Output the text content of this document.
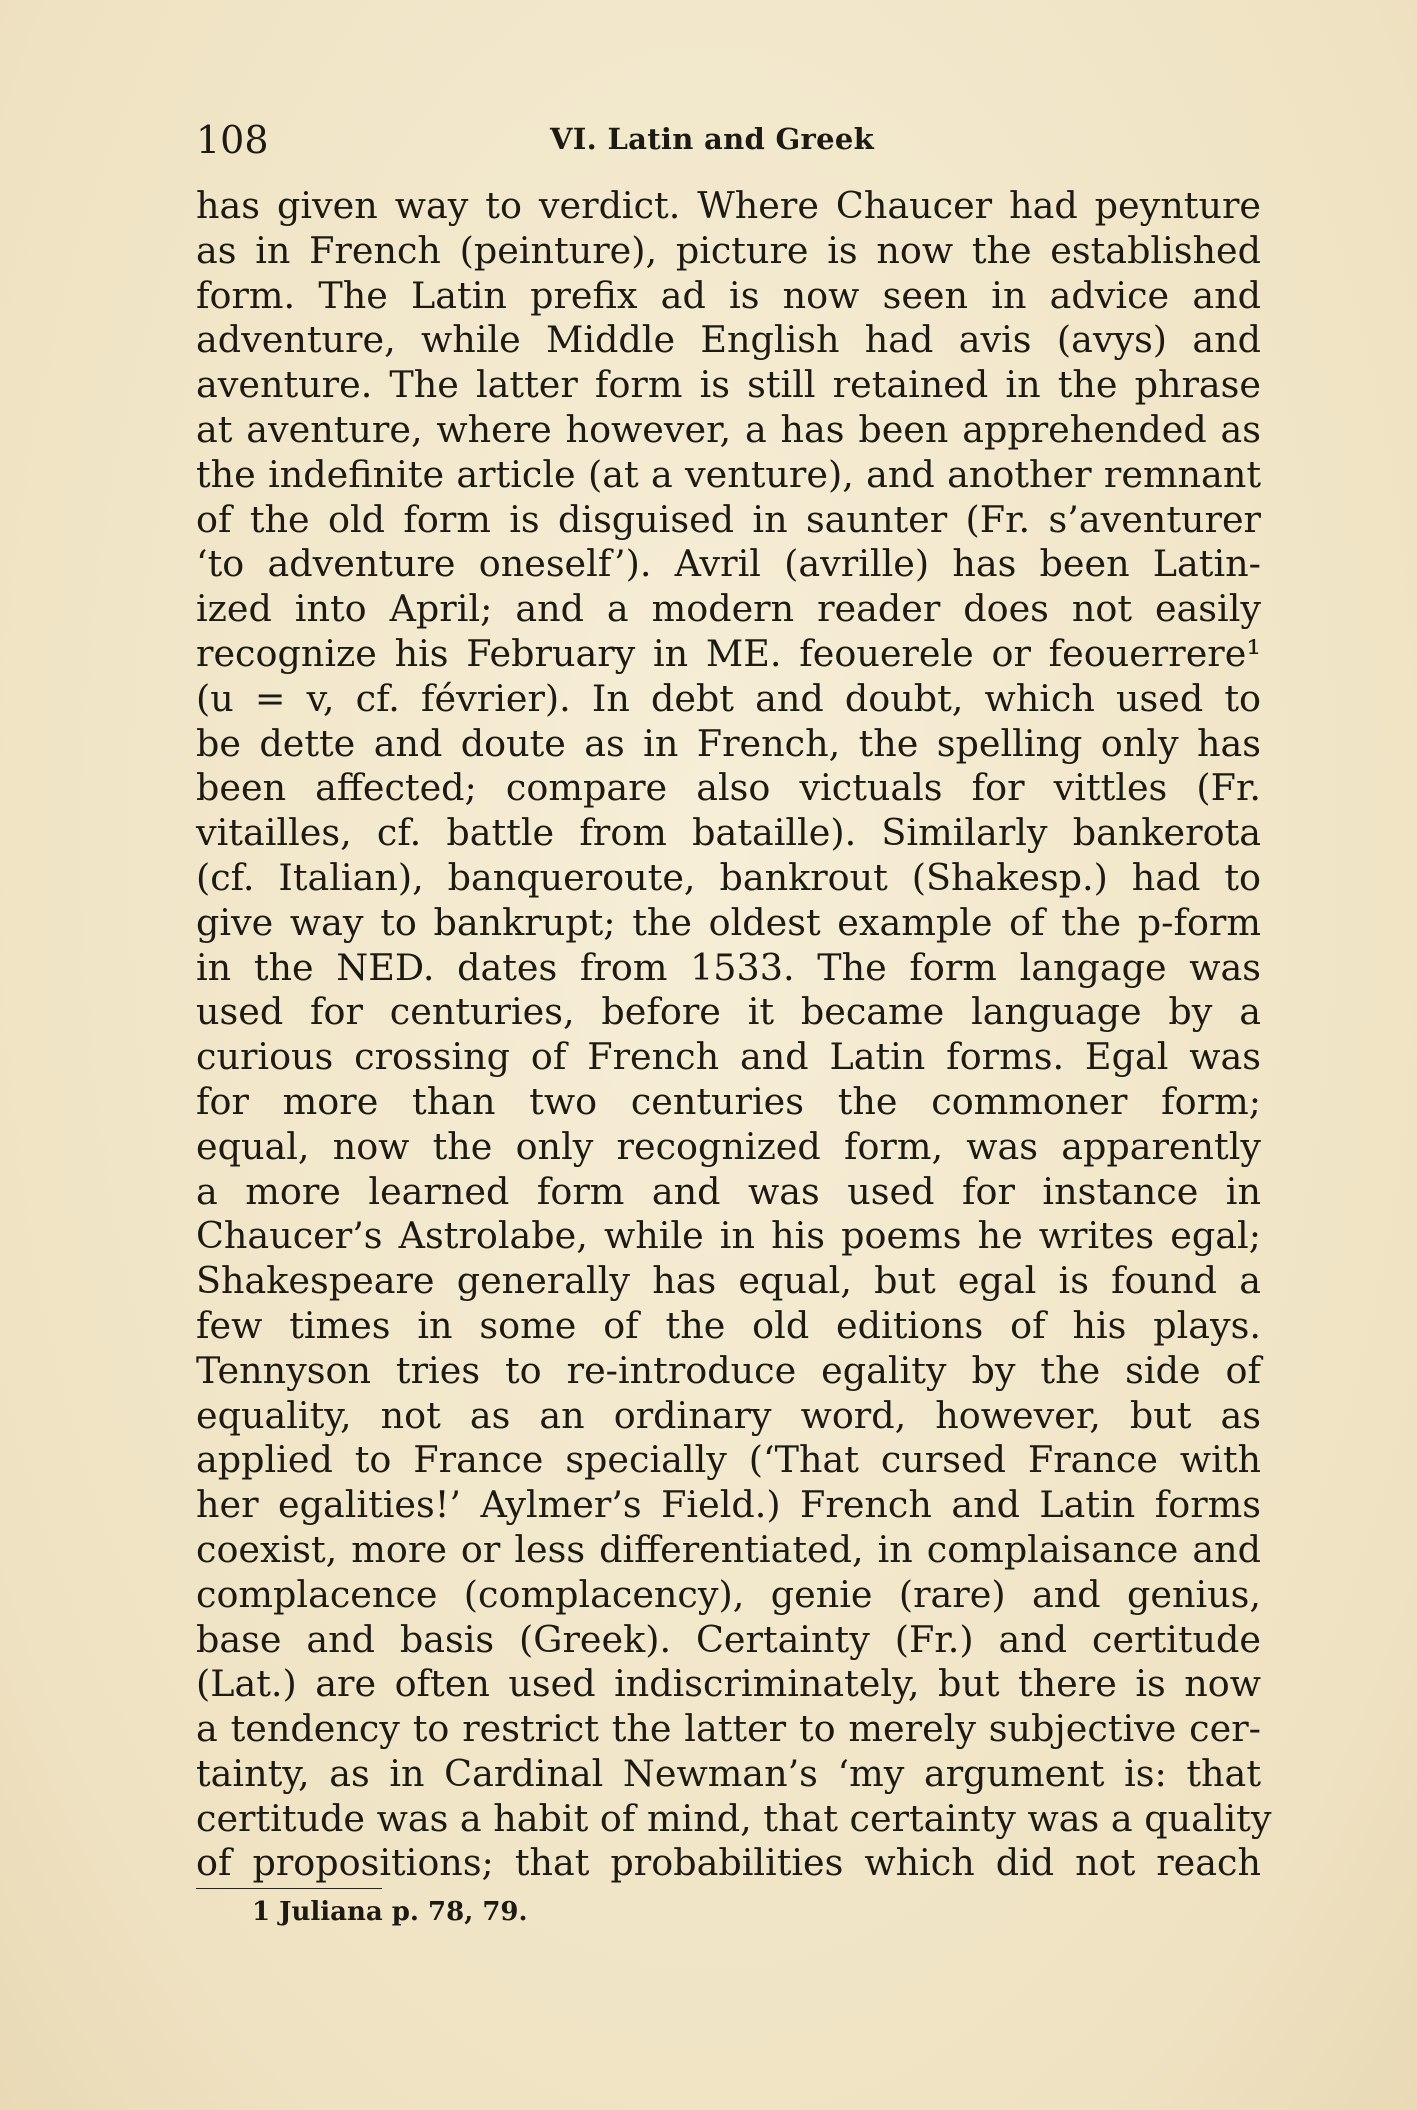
108	VI. Latin and Greek
has given way to verdict. Where Chaucer had peynture
as in French (peinture), picture is now the established
form. The Latin prefix ad is now seen in advice and
adventure, while Middle English had avis (avys) and
aventure. The latter form is still retained in the phrase
at aventure, where however, a has been apprehended as
the indefinite article (at a venture), and another remnant
of the old form is disguised in saunter (Fr. s’aventurer
‘to adventure oneself’). Avril (avrille) has been Latin-
ized into April; and a modern reader does not easily
recognize his February in ME. feouerele or feouerrere¹
(u = v, cf. février). In debt and doubt, which used to
be dette and doute as in French, the spelling only has
been affected; compare also victuals for vittles (Fr.
vitailles, cf. battle from bataille). Similarly bankerota
(cf. Italian), banqueroute, bankrout (Shakesp.) had to
give way to bankrupt; the oldest example of the p-form
in the NED. dates from 1533. The form langage was
used for centuries, before it became language by a
curious crossing of French and Latin forms. Egal was
for more than two centuries the commoner form;
equal, now the only recognized form, was apparently
a more learned form and was used for instance in
Chaucer’s Astrolabe, while in his poems he writes egal;
Shakespeare generally has equal, but egal is found a
few times in some of the old editions of his plays.
Tennyson tries to re-introduce egality by the side of
equality, not as an ordinary word, however, but as
applied to France specially (‘That cursed France with
her egalities!’ Aylmer’s Field.) French and Latin forms
coexist, more or less differentiated, in complaisance and
complacence (complacency), genie (rare) and genius,
base and basis (Greek). Certainty (Fr.) and certitude
(Lat.) are often used indiscriminately, but there is now
a tendency to restrict the latter to merely subjective cer-
tainty, as in Cardinal Newman’s ‘my argument is: that
certitude was a habit of mind, that certainty was a quality
of propositions; that probabilities which did not reach
1 Juliana p. 78, 79.
